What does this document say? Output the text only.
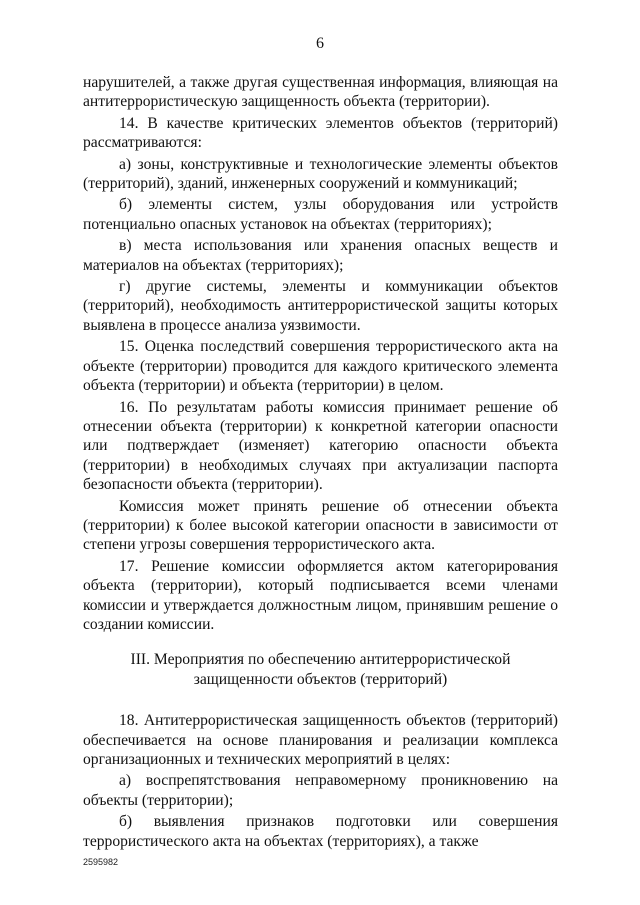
6

нарушителей, а также другая существенная информация, влияющая на антитеррористическую защищенность объекта (территории).

14. В качестве критических элементов объектов (территорий) рассматриваются:

а) зоны, конструктивные и технологические элементы объектов (территорий), зданий, инженерных сооружений и коммуникаций;

б) элементы систем, узлы оборудования или устройств потенциально опасных установок на объектах (территориях);

в) места использования или хранения опасных веществ и материалов на объектах (территориях);

г) другие системы, элементы и коммуникации объектов (территорий), необходимость антитеррористической защиты которых выявлена в процессе анализа уязвимости.

15. Оценка последствий совершения террористического акта на объекте (территории) проводится для каждого критического элемента объекта (территории) и объекта (территории) в целом.

16. По результатам работы комиссия принимает решение об отнесении объекта (территории) к конкретной категории опасности или подтверждает (изменяет) категорию опасности объекта (территории) в необходимых случаях при актуализации паспорта безопасности объекта (территории).

Комиссия может принять решение об отнесении объекта (территории) к более высокой категории опасности в зависимости от степени угрозы совершения террористического акта.

17. Решение комиссии оформляется актом категорирования объекта (территории), который подписывается всеми членами комиссии и утверждается должностным лицом, принявшим решение о создании комиссии.

III. Мероприятия по обеспечению антитеррористической
защищенности объектов (территорий)

18. Антитеррористическая защищенность объектов (территорий) обеспечивается на основе планирования и реализации комплекса организационных и технических мероприятий в целях:

а) воспрепятствования неправомерному проникновению на объекты (территории);

б) выявления признаков подготовки или совершения террористического акта на объектах (территориях), а также

2595982
